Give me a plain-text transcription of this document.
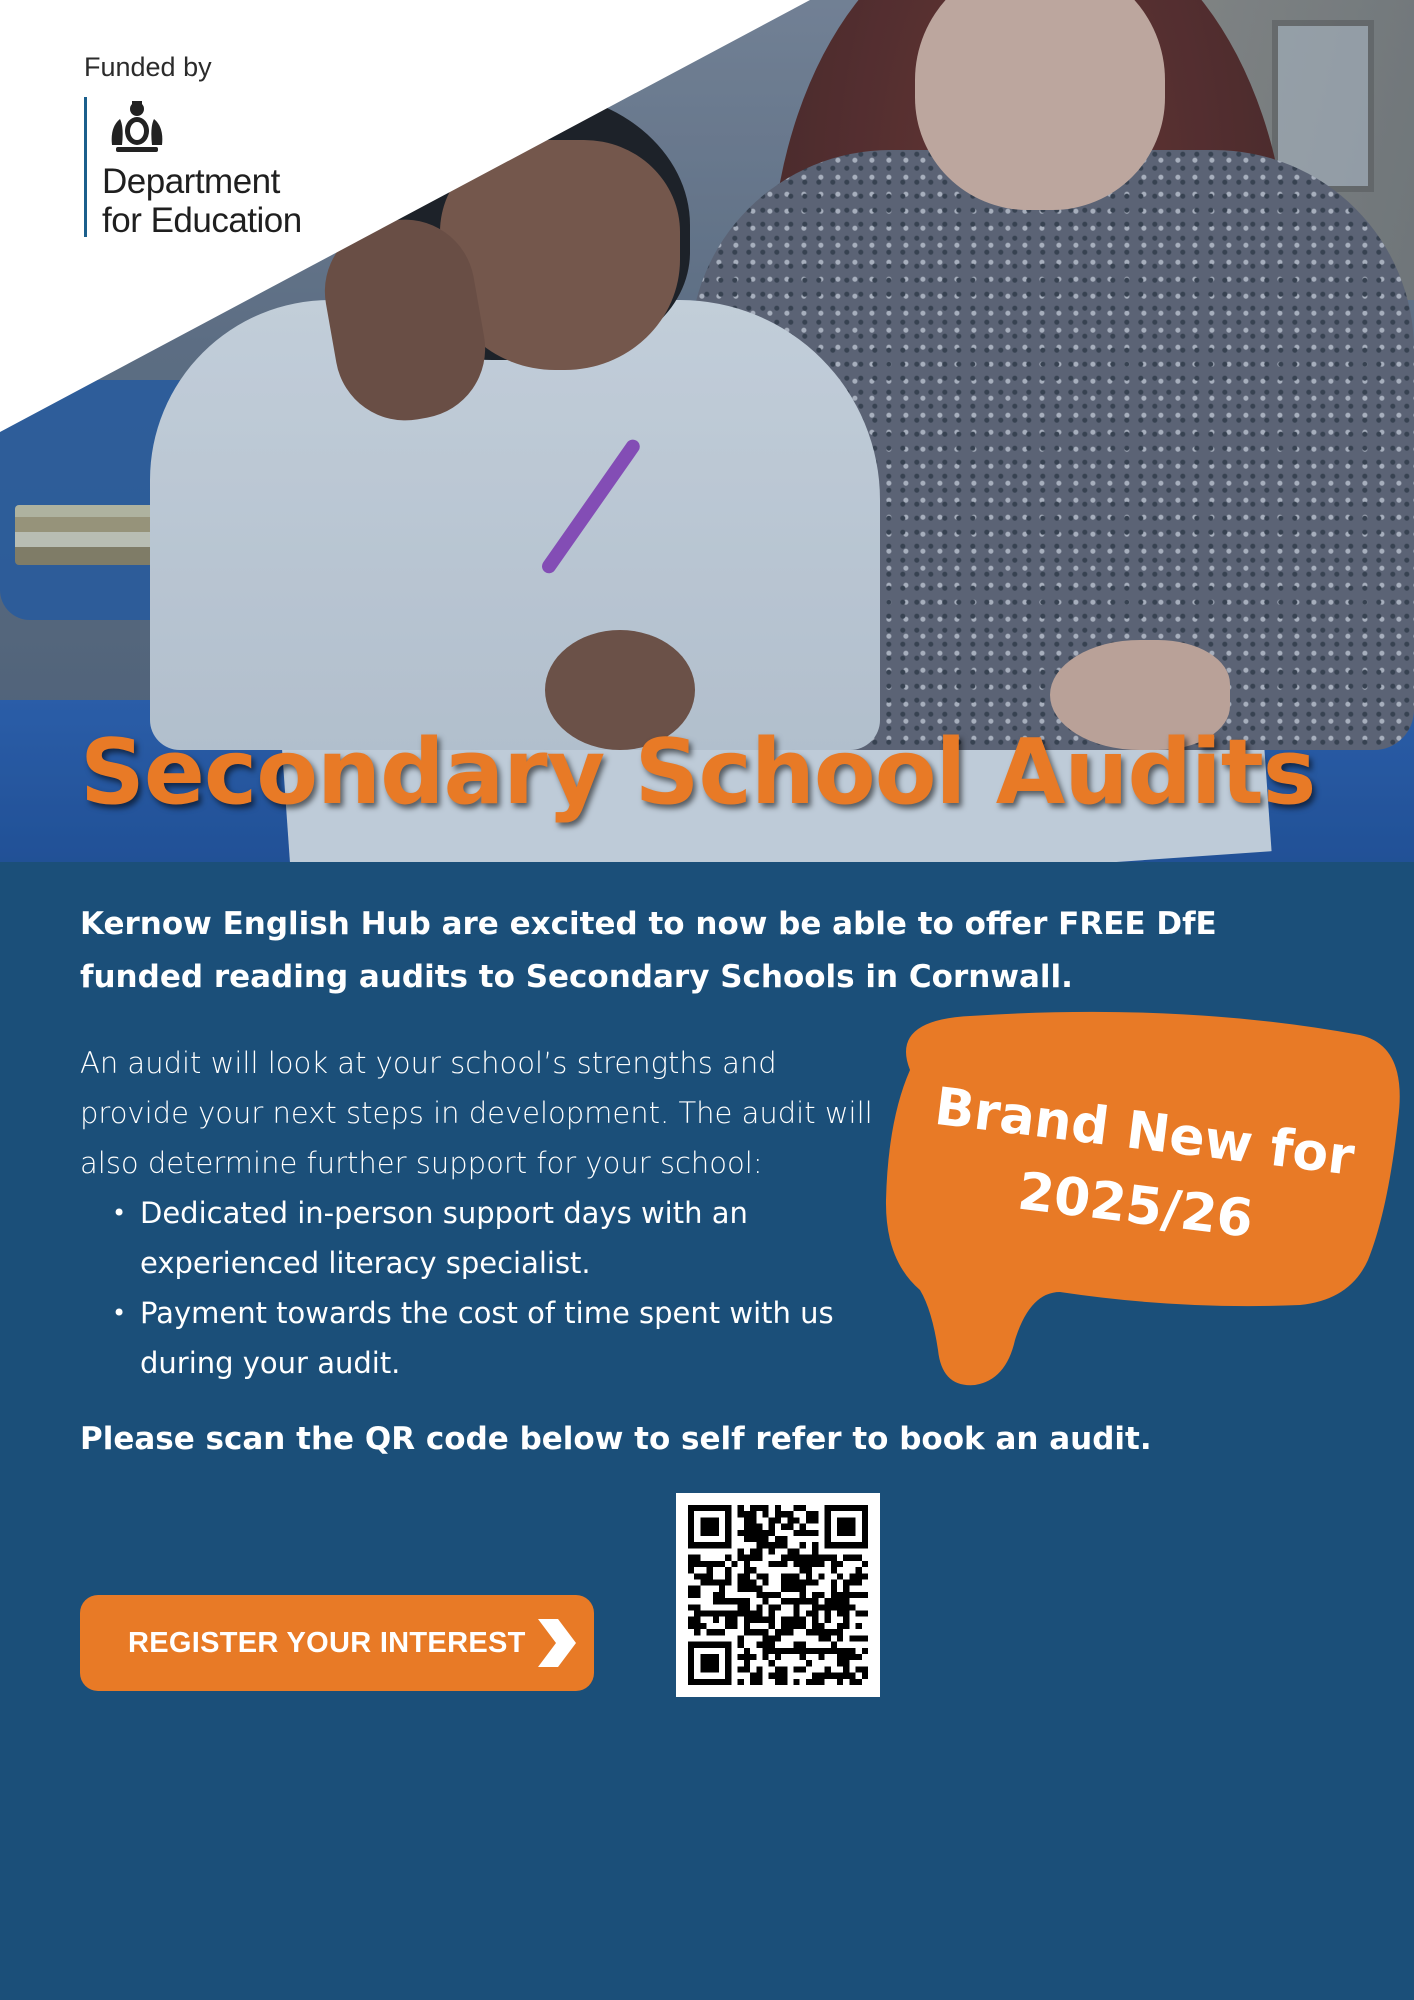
Funded by
Department
for Education
Secondary School Audits

Kernow English Hub are excited to now be able to offer FREE DfE funded reading audits to Secondary Schools in Cornwall.

An audit will look at your school’s strengths and provide your next steps in development. The audit will also determine further support for your school:

• Dedicated in-person support days with an experienced literacy specialist.
• Payment towards the cost of time spent with us during your audit.

Please scan the QR code below to self refer to book an audit.

Brand New for
2025/26
REGISTER YOUR INTEREST
